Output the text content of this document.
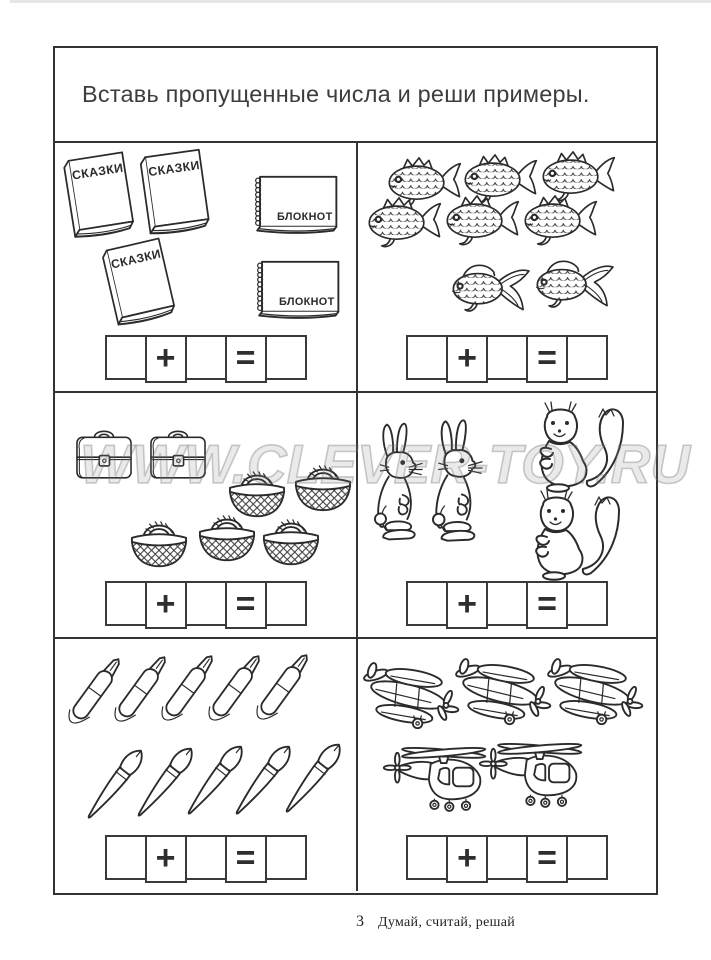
Вставь пропущенные числа и реши примеры.
СКАЗКИ СКАЗКИ
БЛОКНОТ
СКАЗКИ
БЛОКНОТ
+	=	+	=
+	=	+	=
+	=	+	=
3 Думай, считай, решай
